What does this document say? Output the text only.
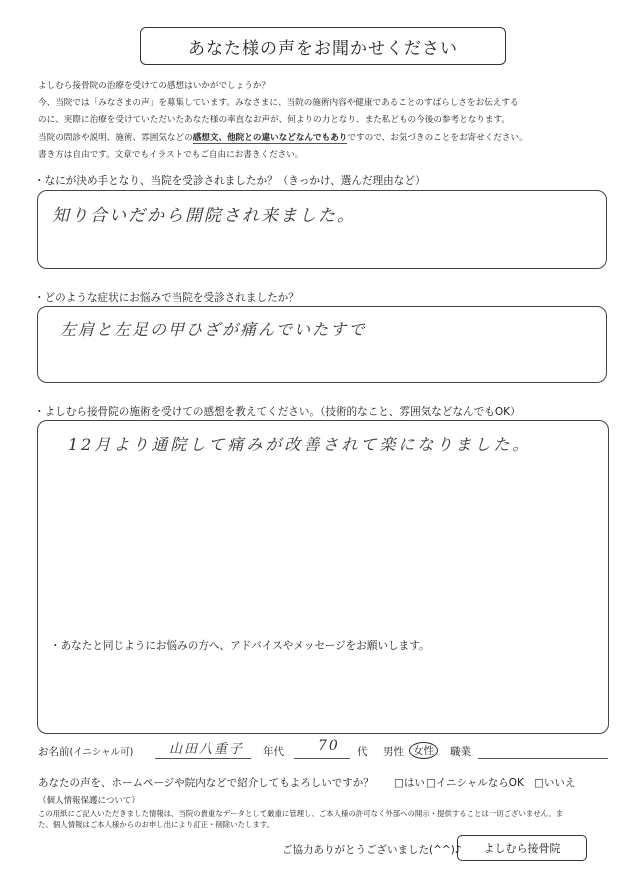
あなた様の声をお聞かせください
よしむら接骨院の治療を受けての感想はいかがでしょうか？
今、当院では「みなさまの声」を募集しています。みなさまに、当院の施術内容や健康であることのすばらしさをお伝えする
のに、実際に治療を受けていただいたあなた様の率直なお声が、何よりの力となり、また私どもの今後の参考となります。
当院の問診や説明、施術、雰囲気などの感想文、他院との違いなどなんでもありですので、お気づきのことをお寄せください。
書き方は自由です。文章でもイラストでもご自由にお書きください。
・なにが決め手となり、当院を受診されましたか？（きっかけ、選んだ理由など）
知り合いだから開院され来ました。
・どのような症状にお悩みで当院を受診されましたか？
左肩と左足の甲ひざが痛んでいたすで
・よしむら接骨院の施術を受けての感想を教えてください。（技術的なこと、雰囲気などなんでもOK）
12月より通院して痛みが改善されて楽になりました。
・あなたと同じようにお悩みの方へ、アドバイスやメッセージをお願いします。
お名前(イニシャル可)	山田八重子 年代 70 代 男性 女性	職業
あなたの声を、ホームページや院内などで紹介してもよろしいですか？ □はい □イニシャルならOK □いいえ
（個人情報保護について）
この用紙にご記入いただきました情報は、当院の貴重なデータとして厳重に管理し、ご本人様の許可なく外部への開示・提供することは一切ございません。ま
た、個人情報はご本人様からのお申し出により訂正・削除いたします。
ご協力ありがとうございました(^^)♪	よしむら接骨院
